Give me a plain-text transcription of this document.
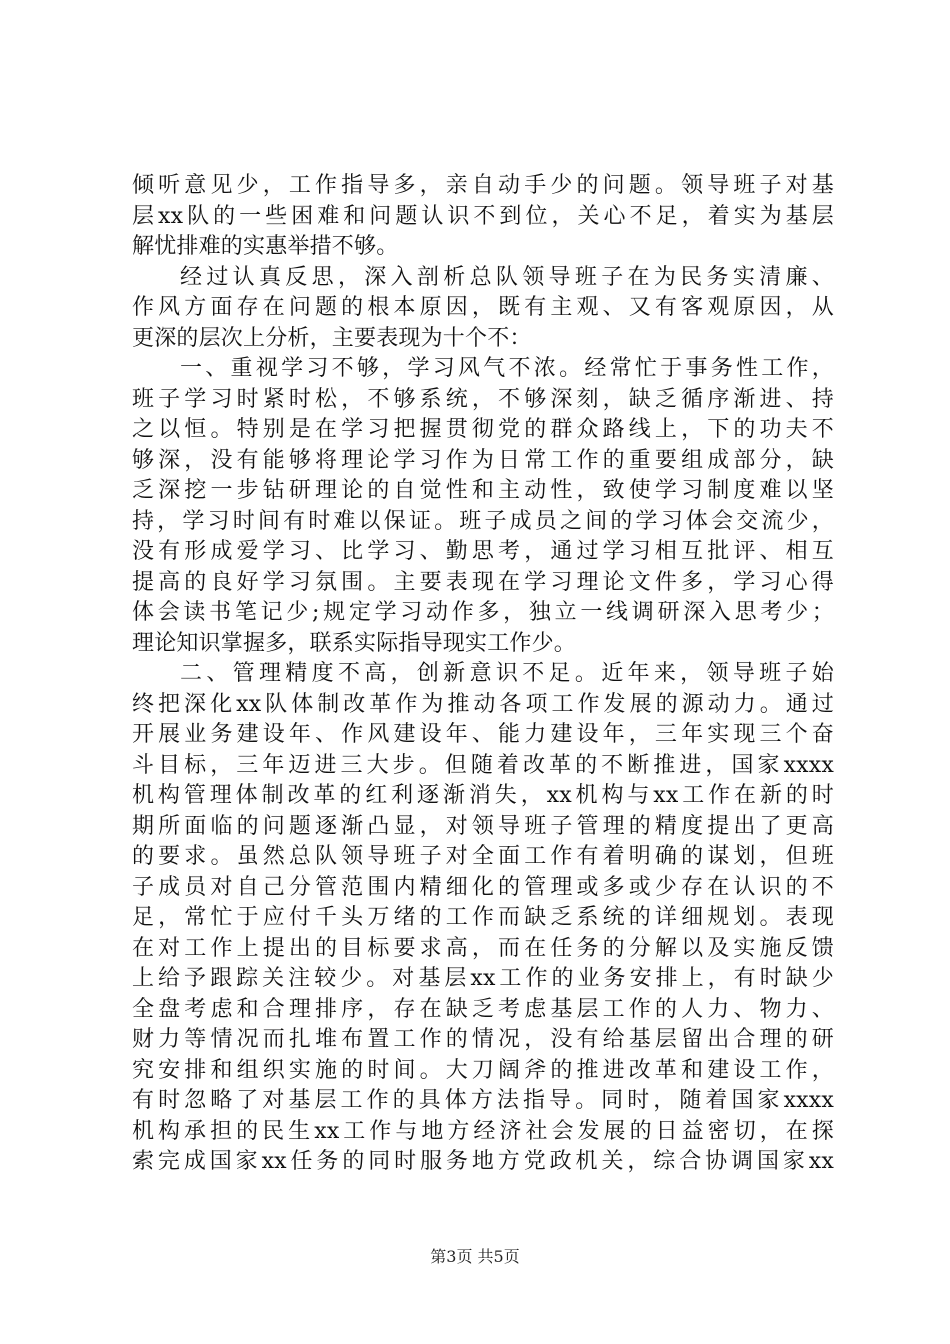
倾听意见少，工作指导多，亲自动手少的问题。领导班子对基
层xx队的一些困难和问题认识不到位，关心不足，着实为基层
解忧排难的实惠举措不够。
经过认真反思，深入剖析总队领导班子在为民务实清廉、
作风方面存在问题的根本原因，既有主观、又有客观原因，从
更深的层次上分析，主要表现为十个不：
一、重视学习不够，学习风气不浓。经常忙于事务性工作，
班子学习时紧时松，不够系统，不够深刻，缺乏循序渐进、持
之以恒。特别是在学习把握贯彻党的群众路线上，下的功夫不
够深，没有能够将理论学习作为日常工作的重要组成部分，缺
乏深挖一步钻研理论的自觉性和主动性，致使学习制度难以坚
持，学习时间有时难以保证。班子成员之间的学习体会交流少，
没有形成爱学习、比学习、勤思考，通过学习相互批评、相互
提高的良好学习氛围。主要表现在学习理论文件多，学习心得
体会读书笔记少;规定学习动作多，独立一线调研深入思考少；
理论知识掌握多，联系实际指导现实工作少。
二、管理精度不高，创新意识不足。近年来，领导班子始
终把深化xx队体制改革作为推动各项工作发展的源动力。通过
开展业务建设年、作风建设年、能力建设年，三年实现三个奋
斗目标，三年迈进三大步。但随着改革的不断推进，国家xxxx
机构管理体制改革的红利逐渐消失，xx机构与xx工作在新的时
期所面临的问题逐渐凸显，对领导班子管理的精度提出了更高
的要求。虽然总队领导班子对全面工作有着明确的谋划，但班
子成员对自己分管范围内精细化的管理或多或少存在认识的不
足，常忙于应付千头万绪的工作而缺乏系统的详细规划。表现
在对工作上提出的目标要求高，而在任务的分解以及实施反馈
上给予跟踪关注较少。对基层xx工作的业务安排上，有时缺少
全盘考虑和合理排序，存在缺乏考虑基层工作的人力、物力、
财力等情况而扎堆布置工作的情况，没有给基层留出合理的研
究安排和组织实施的时间。大刀阔斧的推进改革和建设工作，
有时忽略了对基层工作的具体方法指导。同时，随着国家xxxx
机构承担的民生xx工作与地方经济社会发展的日益密切，在探
索完成国家xx任务的同时服务地方党政机关，综合协调国家xx
第3页 共5页
